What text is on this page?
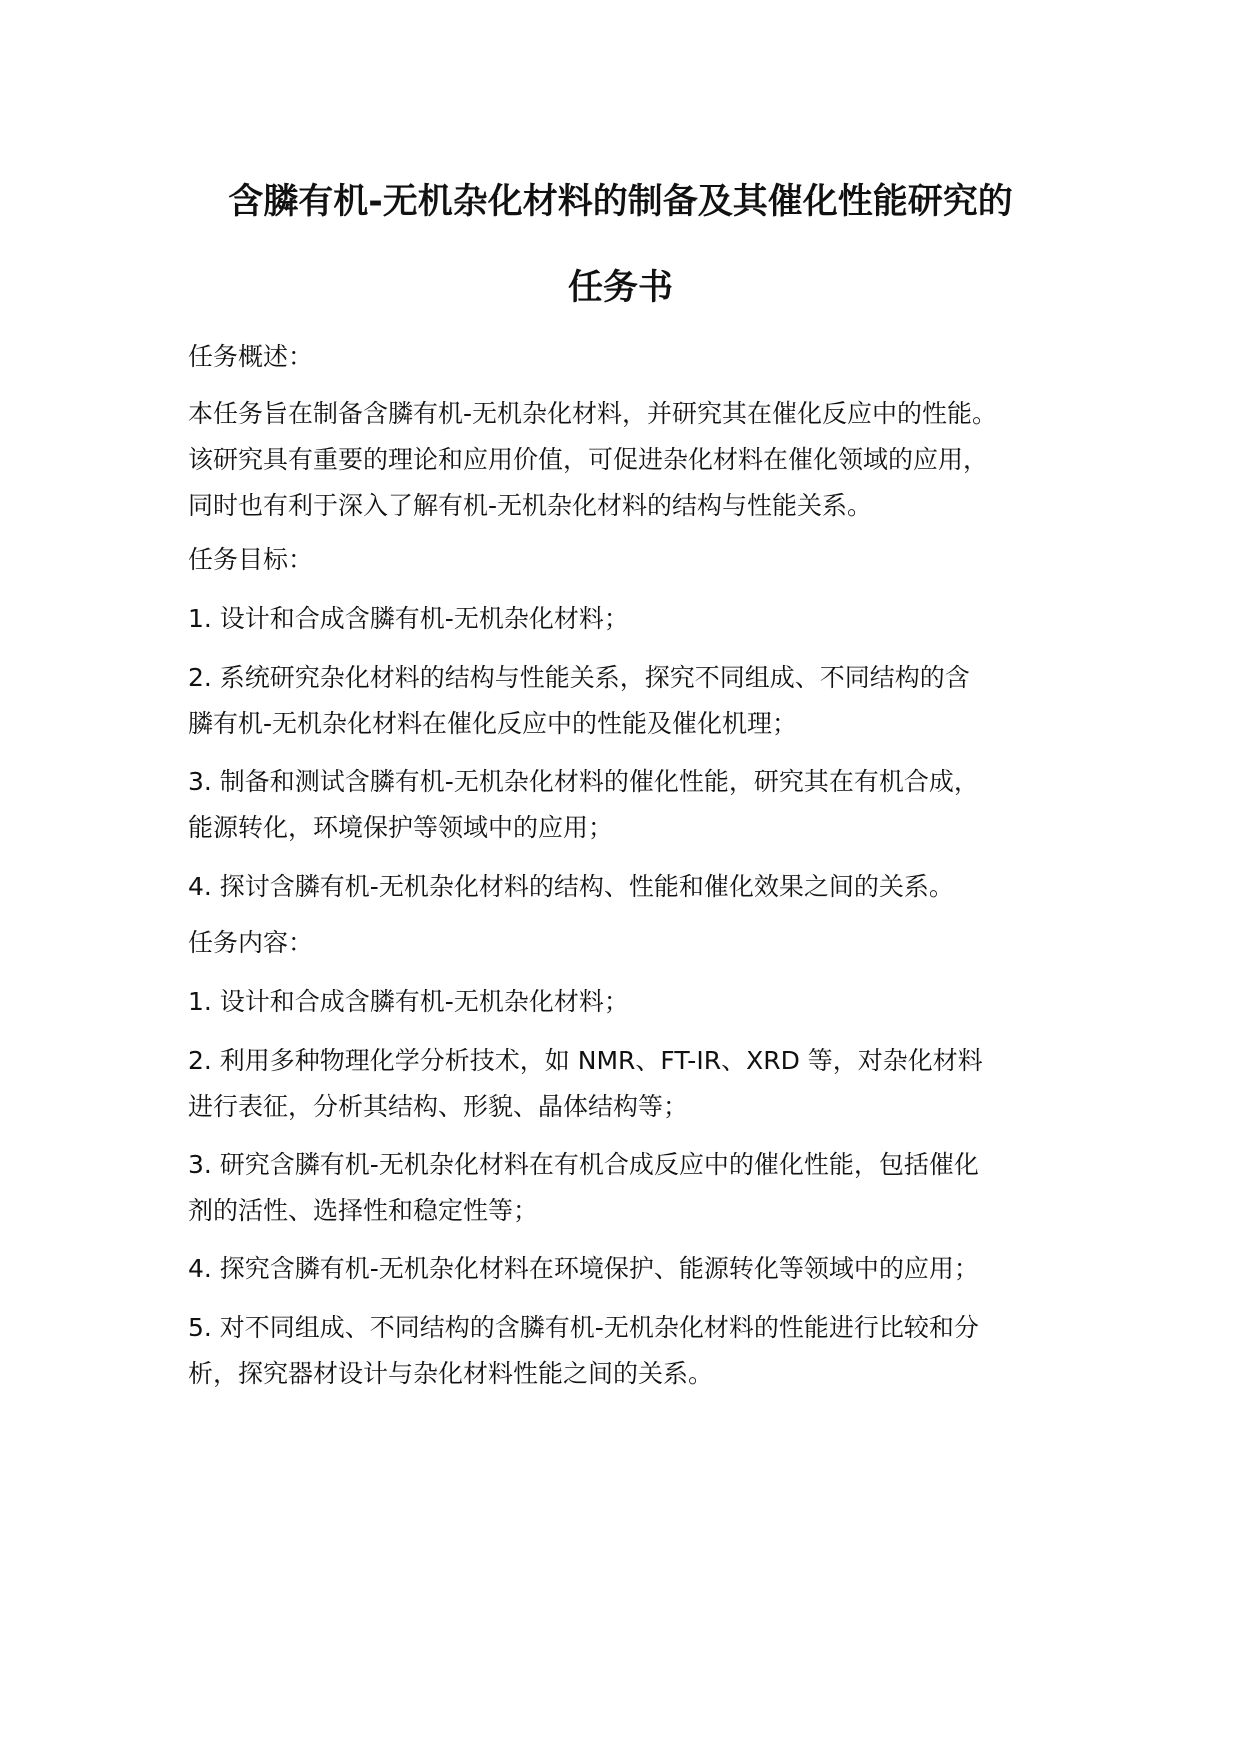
含膦有机-无机杂化材料的制备及其催化性能研究的
任务书
任务概述：
本任务旨在制备含膦有机-无机杂化材料，并研究其在催化反应中的性能。
该研究具有重要的理论和应用价值，可促进杂化材料在催化领域的应用，
同时也有利于深入了解有机-无机杂化材料的结构与性能关系。
任务目标：
1. 设计和合成含膦有机-无机杂化材料；
2. 系统研究杂化材料的结构与性能关系，探究不同组成、不同结构的含
膦有机-无机杂化材料在催化反应中的性能及催化机理；
3. 制备和测试含膦有机-无机杂化材料的催化性能，研究其在有机合成，
能源转化，环境保护等领域中的应用；
4. 探讨含膦有机-无机杂化材料的结构、性能和催化效果之间的关系。
任务内容：
1. 设计和合成含膦有机-无机杂化材料；
2. 利用多种物理化学分析技术，如 NMR、FT-IR、XRD 等，对杂化材料
进行表征，分析其结构、形貌、晶体结构等；
3. 研究含膦有机-无机杂化材料在有机合成反应中的催化性能，包括催化
剂的活性、选择性和稳定性等；
4. 探究含膦有机-无机杂化材料在环境保护、能源转化等领域中的应用；
5. 对不同组成、不同结构的含膦有机-无机杂化材料的性能进行比较和分
析，探究器材设计与杂化材料性能之间的关系。
